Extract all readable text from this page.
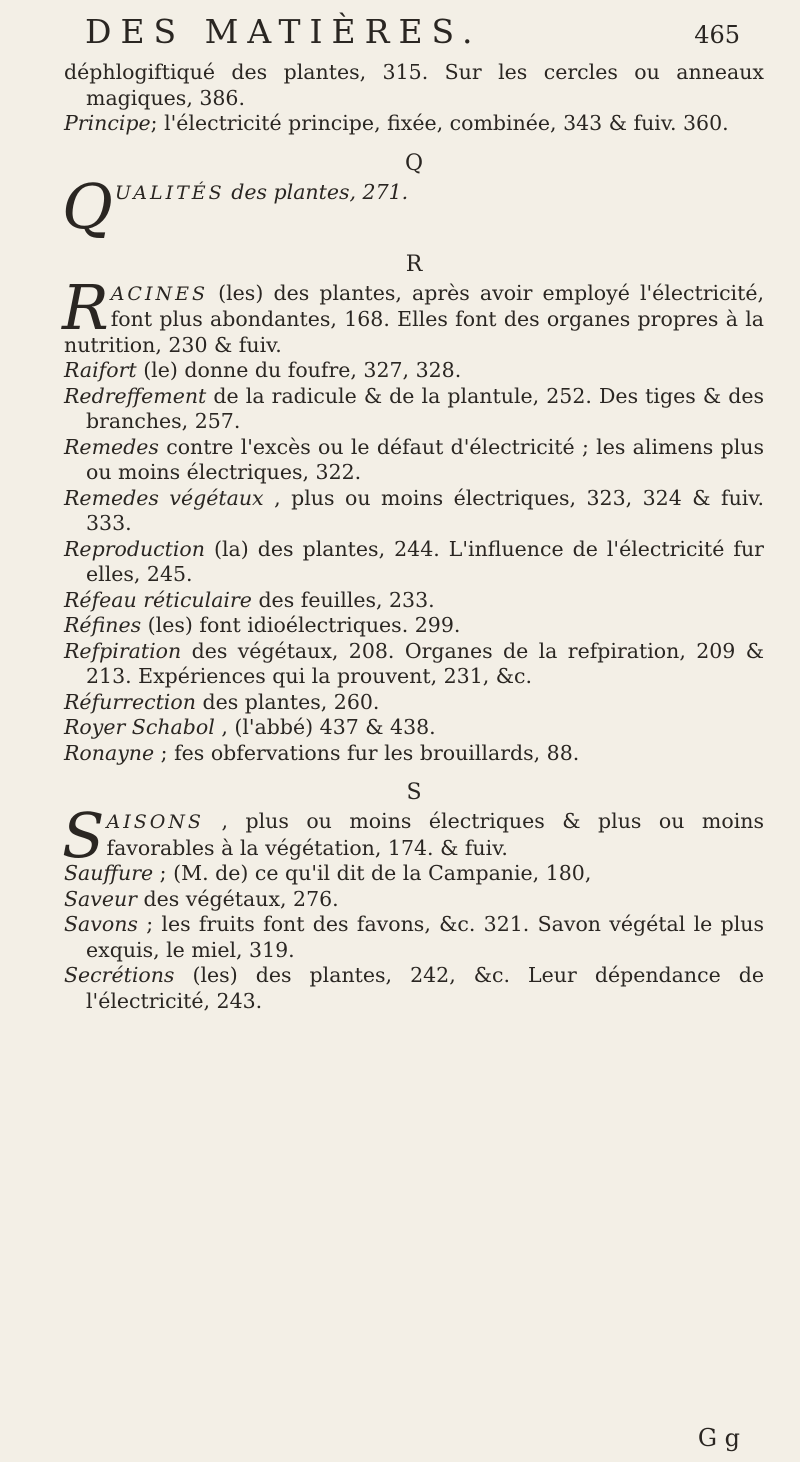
DES MATIÈRES.	465

déphlogiftiqué des plantes, 315. Sur les cercles ou anneaux magiques, 386.

Principe; l'électricité principe, fixée, combinée, 343 & fuiv. 360.

Q
Q UALITÉS des plantes, 271.

R
R ACINES (les) des plantes, après avoir employé l'électricité, font plus abondantes, 168. Elles font des organes propres à la nutrition, 230 & fuiv.

Raifort (le) donne du foufre, 327, 328.

Redreffement de la radicule & de la plantule, 252. Des tiges & des branches, 257.

Remedes contre l'excès ou le défaut d'électricité ; les alimens plus ou moins électriques, 322.

Remedes végétaux , plus ou moins électriques, 323, 324 & fuiv. 333.

Reproduction (la) des plantes, 244. L'influence de l'électricité fur elles, 245.

Réfeau réticulaire des feuilles, 233.

Réfines (les) font idioélectriques. 299.

Refpiration des végétaux, 208. Organes de la refpiration, 209 & 213. Expériences qui la prouvent, 231, &c.

Réfurrection des plantes, 260.

Royer Schabol , (l'abbé) 437 & 438.

Ronayne ; fes obfervations fur les brouillards, 88.

S
S AISONS , plus ou moins électriques & plus ou moins favorables à la végétation, 174. & fuiv.

Sauffure ; (M. de) ce qu'il dit de la Campanie, 180,

Saveur des végétaux, 276.

Savons ; les fruits font des favons, &c. 321. Savon végétal le plus exquis, le miel, 319.

Secrétions (les) des plantes, 242, &c. Leur dépendance de l'électricité, 243.

G g
